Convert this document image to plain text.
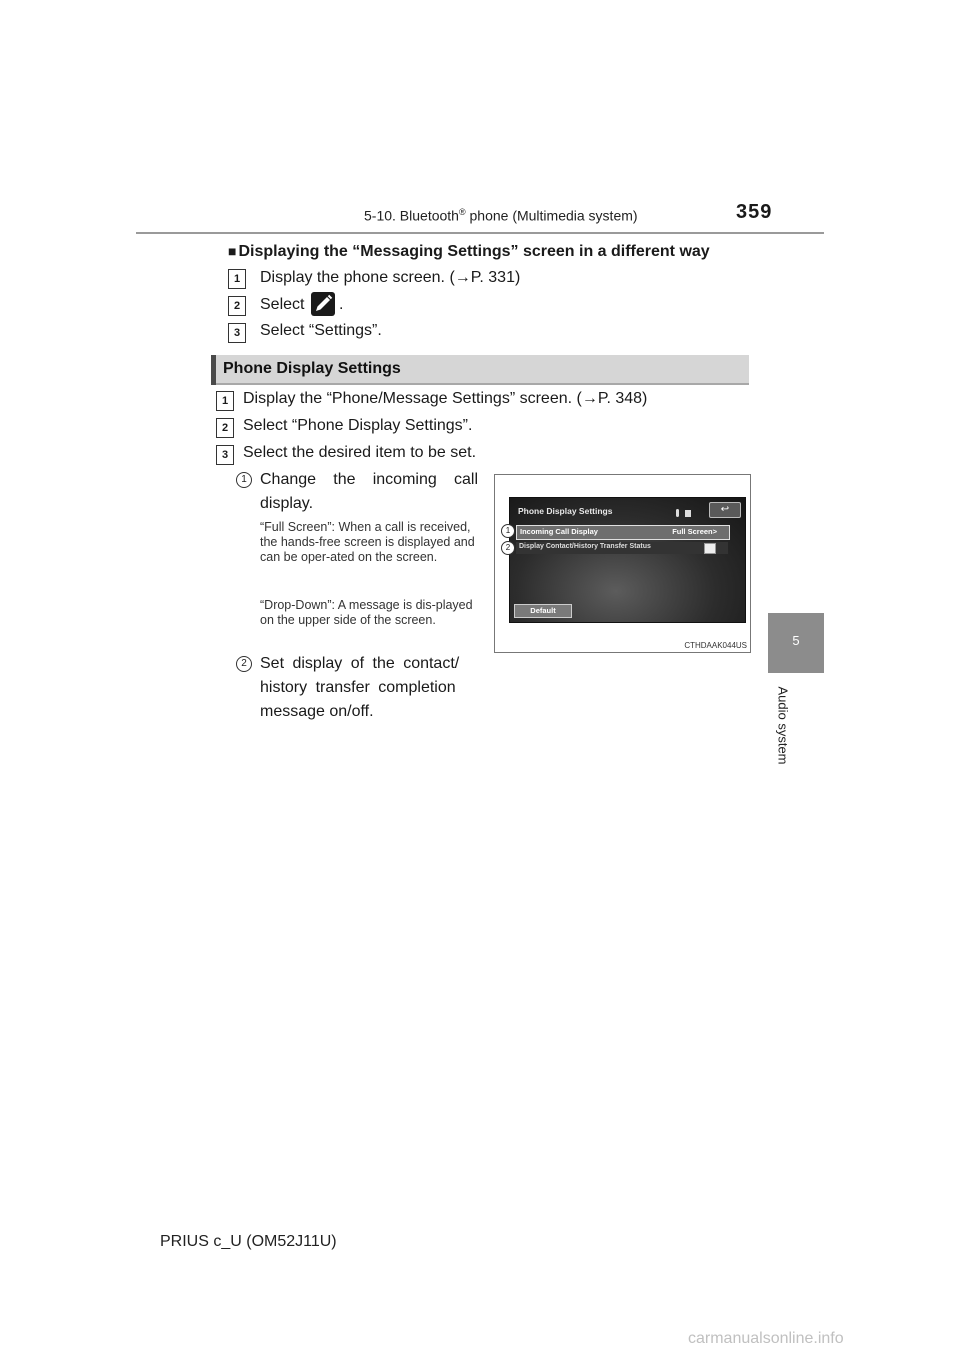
5-10. Bluetooth® phone (Multimedia system)	359
5
Audio system
■ Displaying the “Messaging Settings” screen in a different way
1	Display the phone screen. (→P. 331)
2	Select .
3	Select “Settings”.
Phone Display Settings
1 Display the “Phone/Message Settings” screen. (→P. 348)
2 Select “Phone Display Settings”.
3 Select the desired item to be set.
1 Change the incoming call
display.
“Full Screen”: When a call is received, the hands-free screen is displayed and can be oper-ated on the screen.
“Drop-Down”: A message is dis-played on the upper side of the screen.
2 Set display of the contact/
history transfer completion
message on/off.
Phone Display Settings
	↩
Incoming Call Display	Full Screen>
Display Contact/History Transfer Status
Default
1
2
CTHDAAK044US
PRIUS c_U (OM52J11U)
carmanualsonline.info
